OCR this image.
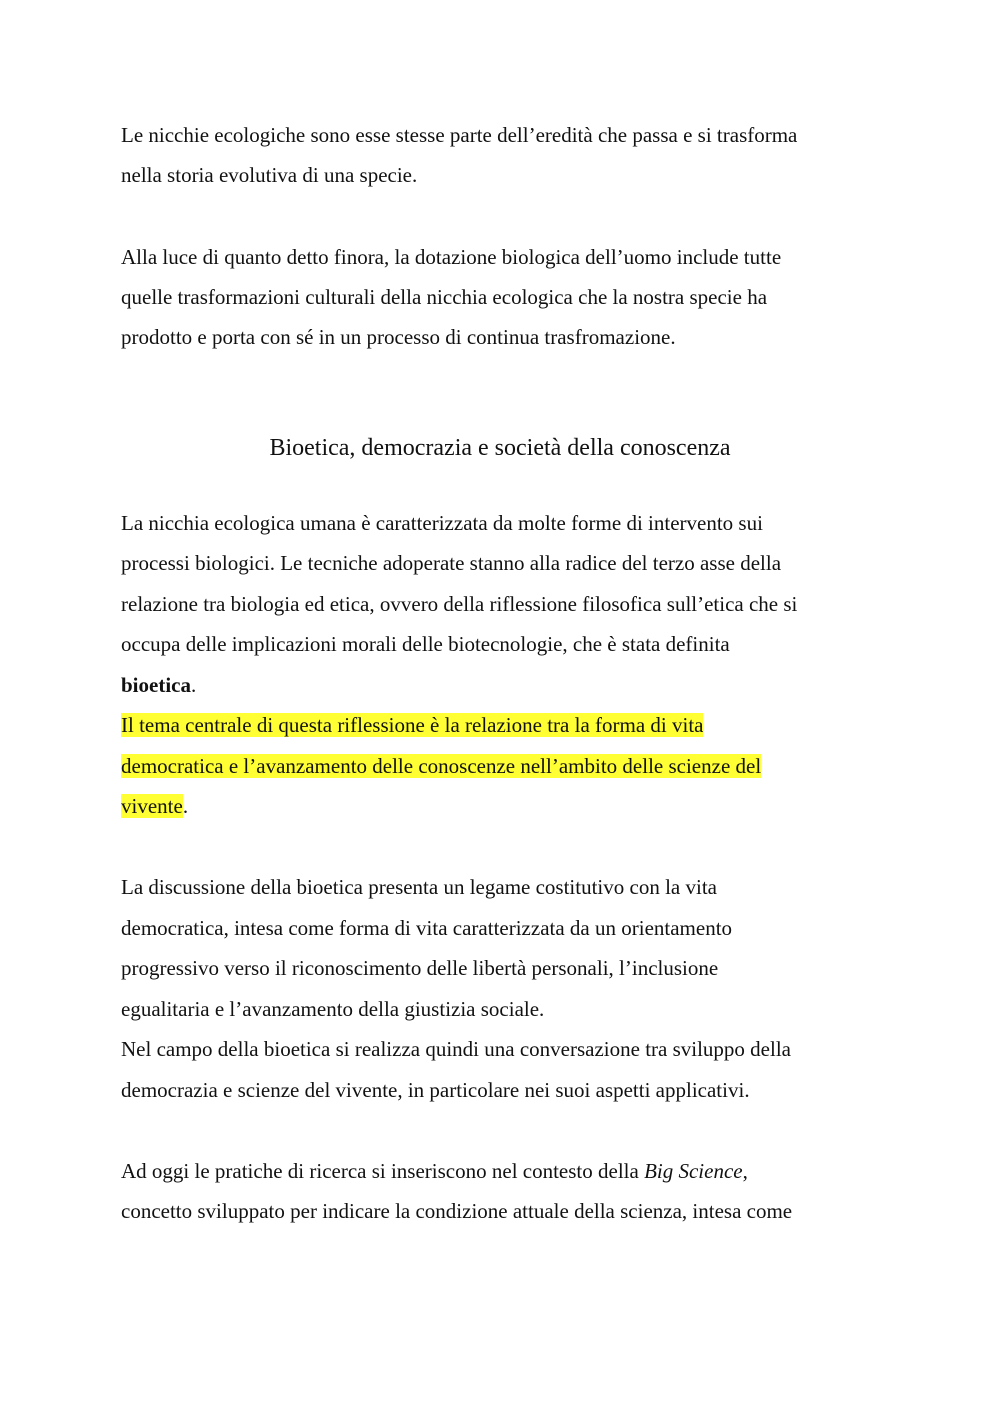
Le nicchie ecologiche sono esse stesse parte dell’eredità che passa e si trasforma
nella storia evolutiva di una specie.
Alla luce di quanto detto finora, la dotazione biologica dell’uomo include tutte
quelle trasformazioni culturali della nicchia ecologica che la nostra specie ha
prodotto e porta con sé in un processo di continua trasfromazione.
Bioetica, democrazia e società della conoscenza
La nicchia ecologica umana è caratterizzata da molte forme di intervento sui
processi biologici. Le tecniche adoperate stanno alla radice del terzo asse della
relazione tra biologia ed etica, ovvero della riflessione filosofica sull’etica che si
occupa delle implicazioni morali delle biotecnologie, che è stata definita
bioetica.
Il tema centrale di questa riflessione è la relazione tra la forma di vita
democratica e l’avanzamento delle conoscenze nell’ambito delle scienze del
vivente.
La discussione della bioetica presenta un legame costitutivo con la vita
democratica, intesa come forma di vita caratterizzata da un orientamento
progressivo verso il riconoscimento delle libertà personali, l’inclusione
egualitaria e l’avanzamento della giustizia sociale.
Nel campo della bioetica si realizza quindi una conversazione tra sviluppo della
democrazia e scienze del vivente, in particolare nei suoi aspetti applicativi.
Ad oggi le pratiche di ricerca si inseriscono nel contesto della Big Science,
concetto sviluppato per indicare la condizione attuale della scienza, intesa come
